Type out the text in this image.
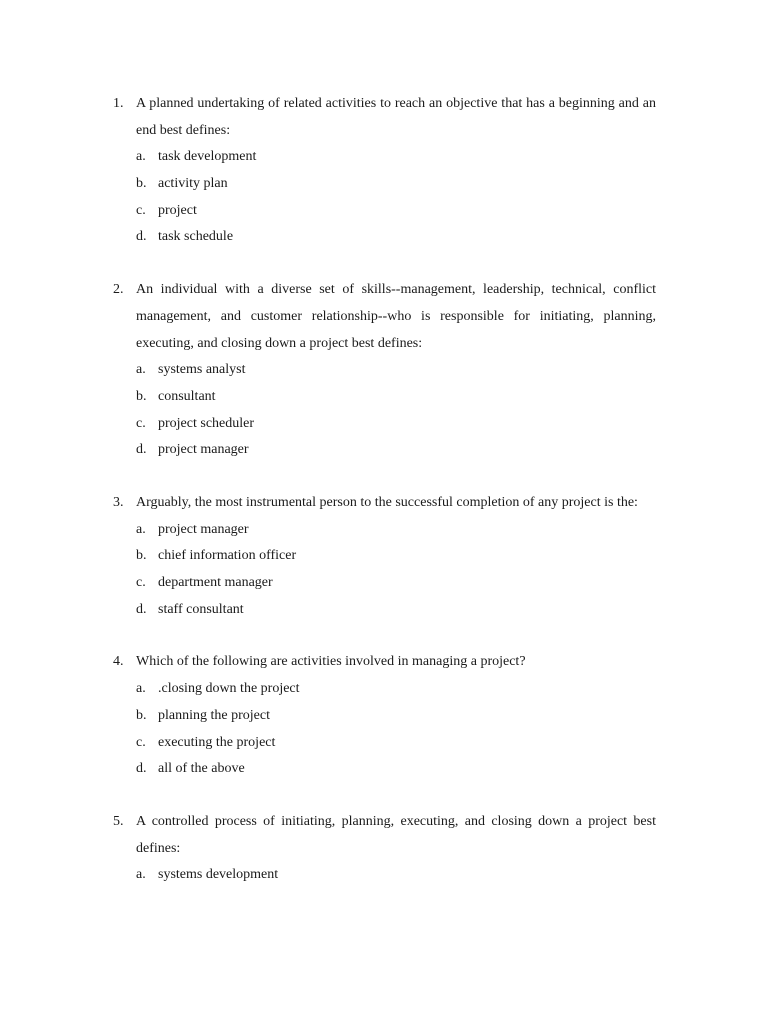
1. A planned undertaking of related activities to reach an objective that has a beginning and an end best defines:
a. task development
b. activity plan
c. project
d. task schedule
2. An individual with a diverse set of skills--management, leadership, technical, conflict management, and customer relationship--who is responsible for initiating, planning, executing, and closing down a project best defines:
a. systems analyst
b. consultant
c. project scheduler
d. project manager
3. Arguably, the most instrumental person to the successful completion of any project is the:
a. project manager
b. chief information officer
c. department manager
d. staff consultant
4. Which of the following are activities involved in managing a project?
a. .closing down the project
b. planning the project
c. executing the project
d. all of the above
5. A controlled process of initiating, planning, executing, and closing down a project best defines:
a. systems development
